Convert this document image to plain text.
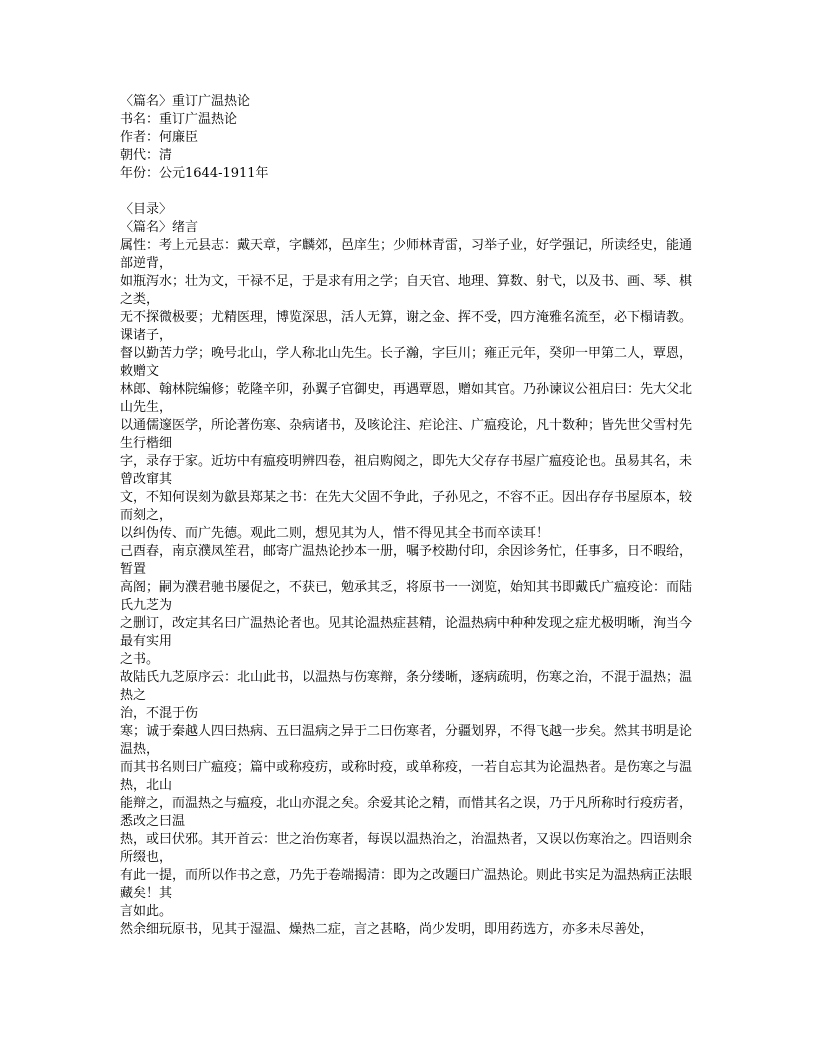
〈篇名〉重订广温热论

书名：重订广温热论

作者：何廉臣

朝代：清

年份：公元1644-1911年

〈目录〉

〈篇名〉绪言

属性：考上元县志：戴天章，字麟郊，邑庠生；少师林青雷，习举子业，好学强记，所读经史，能通部逆背，

如瓶泻水；壮为文，干禄不足，于是求有用之学；自天官、地理、算数、射弋，以及书、画、琴、棋之类，

无不探微极要；尤精医理，博览深思，活人无算，谢之金、挥不受，四方淹雅名流至，必下榻请教。课诸子，

督以勤苦力学；晚号北山，学人称北山先生。长子瀚，字巨川；雍正元年，癸卯一甲第二人，覃恩，敕赠文

林郎、翰林院编修；乾隆辛卯，孙翼子官御史，再遇覃恩，赠如其官。乃孙谏议公祖启曰：先大父北山先生，

以通儒邃医学，所论著伤寒、杂病诸书，及咳论注、疟论注、广瘟疫论，凡十数种；皆先世父雪村先生行楷细

字，录存于家。近坊中有瘟疫明辨四卷，祖启购阅之，即先大父存存书屋广瘟疫论也。虽易其名，未曾改窜其

文，不知何误刻为歙县郑某之书：在先大父固不争此，子孙见之，不容不正。因出存存书屋原本，较而刻之，

以纠伪传、而广先德。观此二则，想见其为人，惜不得见其全书而卒读耳！

己酉春，南京濮凤笙君，邮寄广温热论抄本一册，嘱予校勘付印，余因诊务忙，任事多，日不暇给，暂置

高阁；嗣为濮君驰书屡促之，不获已，勉承其乏，将原书一一浏览，始知其书即戴氏广瘟疫论：而陆氏九芝为

之删订，改定其名曰广温热论者也。见其论温热症甚精，论温热病中种种发现之症尤极明晰，洵当今最有实用

之书。

故陆氏九芝原序云：北山此书，以温热与伤寒辩，条分缕晰，逐病疏明，伤寒之治，不混于温热；温热之

治，不混于伤

寒；诚于秦越人四曰热病、五曰温病之异于二曰伤寒者，分疆划界，不得飞越一步矣。然其书明是论温热，

而其书名则曰广瘟疫；篇中或称疫疠，或称时疫，或单称疫，一若自忘其为论温热者。是伤寒之与温热，北山

能辩之，而温热之与瘟疫，北山亦混之矣。余爱其论之精，而惜其名之误，乃于凡所称时行疫疠者，悉改之曰温

热，或曰伏邪。其开首云：世之治伤寒者，每误以温热治之，治温热者，又误以伤寒治之。四语则余所缀也，

有此一提，而所以作书之意，乃先于卷端揭清：即为之改题曰广温热论。则此书实足为温热病正法眼藏矣！其

言如此。

然余细玩原书，见其于湿温、燥热二症，言之甚略，尚少发明，即用药选方，亦多未尽善处，
